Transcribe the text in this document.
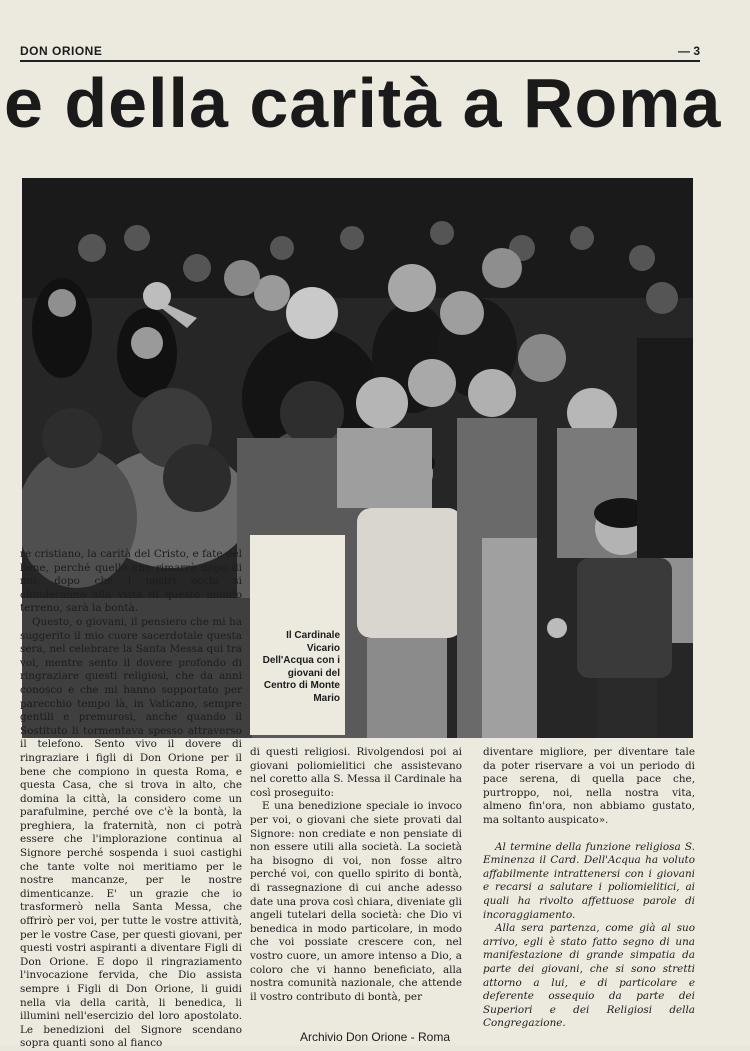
DON ORIONE	— 3
e della carità a Roma

re cristiano, la carità del Cristo, e fate del bene, perché quello che rimarrà dopo di noi, dopo che i nostri occhi si chiuderanno alla vista di questo mondo terreno, sarà la bontà.

Questo, o giovani, il pensiero che mi ha suggerito il mio cuore sacerdotale questa sera, nel celebrare la Santa Messa qui tra voi, mentre sento il dovere profondo di ringraziare questi religiosi, che da anni conosco e che mi hanno sopportato per parecchio tempo là, in Vaticano, sempre gentili e premurosi, anche quando il Sostituto li tormentava spesso attraverso il telefono. Sento vivo il dovere di ringraziare i figli di Don Orione per il bene che compiono in questa Roma, e questa Casa, che si trova in alto, che domina la città, la considero come un parafulmine, perché ove c'è la bontà, la preghiera, la fraternità, non ci potrà essere che l'implorazione continua al Signore perché sospenda i suoi castighi che tante volte noi meritiamo per le nostre mancanze, per le nostre dimenticanze. E' un grazie che io trasformerò nella Santa Messa, che offrirò per voi, per tutte le vostre attività, per le vostre Case, per questi giovani, per questi vostri aspiranti a diventare Figli di Don Orione. E dopo il ringraziamento l'invocazione fervida, che Dio assista sempre i Figli di Don Orione, li guidi nella via della carità, li benedica, li illumini nell'esercizio del loro apostolato. Le benedizioni del Signore scendano sopra quanti sono al fianco

Il Cardinale Vicario Dell'Acqua con i giovani del Centro di Monte Mario

di questi religiosi. Rivolgendosi poi ai giovani poliomielitici che assistevano nel coretto alla S. Messa il Cardinale ha così proseguito:

E una benedizione speciale io invoco per voi, o giovani che siete provati dal Signore: non crediate e non pensiate di non essere utili alla società. La società ha bisogno di voi, non fosse altro perché voi, con quello spirito di bontà, di rassegnazione di cui anche adesso date una prova così chiara, diveniate gli angeli tutelari della società: che Dio vi benedica in modo particolare, in modo che voi possiate crescere con, nel vostro cuore, un amore intenso a Dio, a coloro che vi hanno beneficiato, alla nostra comunità nazionale, che attende il vostro contributo di bontà, per

diventare migliore, per diventare tale da poter riservare a voi un periodo di pace serena, di quella pace che, purtroppo, noi, nella nostra vita, almeno fin'ora, non abbiamo gustato, ma soltanto auspicato».

Al termine della funzione religiosa S. Eminenza il Card. Dell'Acqua ha voluto affabilmente intrattenersi con i giovani e recarsi a salutare i poliomielitici, ai quali ha rivolto affettuose parole di incoraggiamento.

Alla sera partenza, come già al suo arrivo, egli è stato fatto segno di una manifestazione di grande simpatia da parte dei giovani, che si sono stretti attorno a lui, e di particolare e deferente ossequio da parte dei Superiori e dei Religiosi della Congregazione.

Archivio Don Orione - Roma
